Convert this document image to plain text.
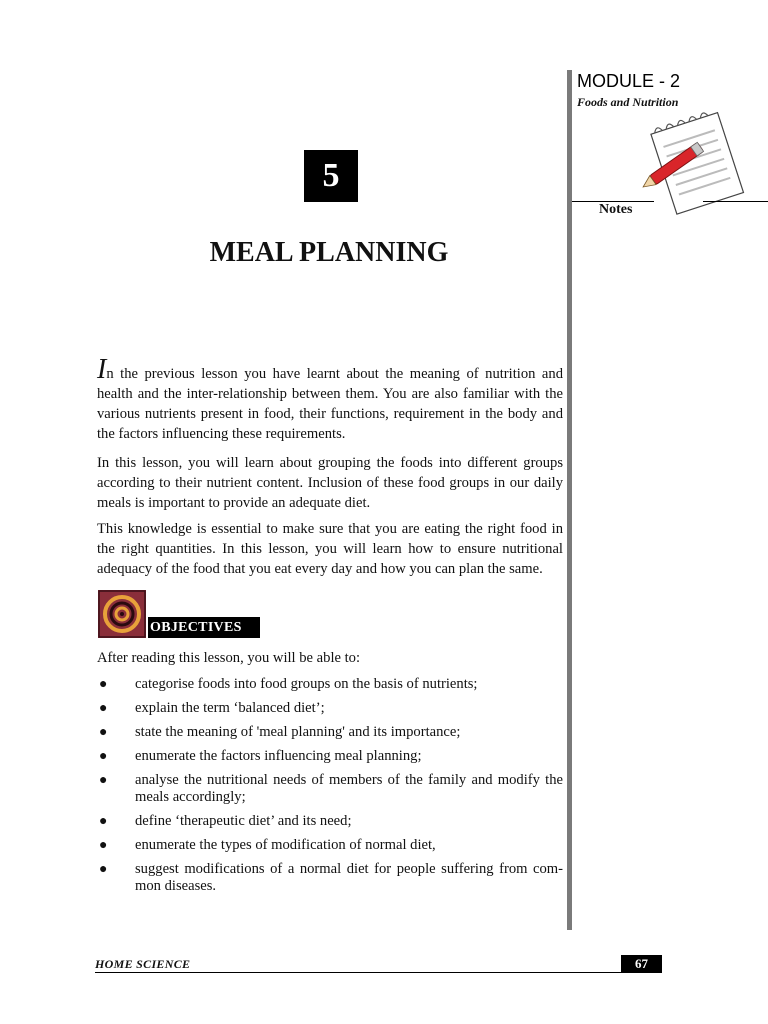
MODULE - 2
Foods and Nutrition
Notes
5
MEAL PLANNING
In the previous lesson you have learnt about the meaning of nutrition and health and the inter-relationship between them. You are also familiar with the various nutrients present in food, their functions, requirement in the body and the factors influencing these requirements.
In this lesson, you will learn about grouping the foods into different groups according to their nutrient content. Inclusion of these food groups in our daily meals is important to provide an adequate diet.
This knowledge is essential to make sure that you are eating the right food in the right quantities. In this lesson, you will learn how to ensure nutritional adequacy of the food that you eat every day and how you can plan the same.
OBJECTIVES
After reading this lesson, you will be able to:
● categorise foods into food groups on the basis of nutrients;
● explain the term ‘balanced diet’;
● state the meaning of 'meal planning' and its importance;
● enumerate the factors influencing meal planning;
● analyse the nutritional needs of members of the family and modify the meals accordingly;
● define ‘therapeutic diet’ and its need;
● enumerate the types of modification of normal diet,
● suggest modifications of a normal diet for people suffering from com-mon diseases.
HOME SCIENCE	67
